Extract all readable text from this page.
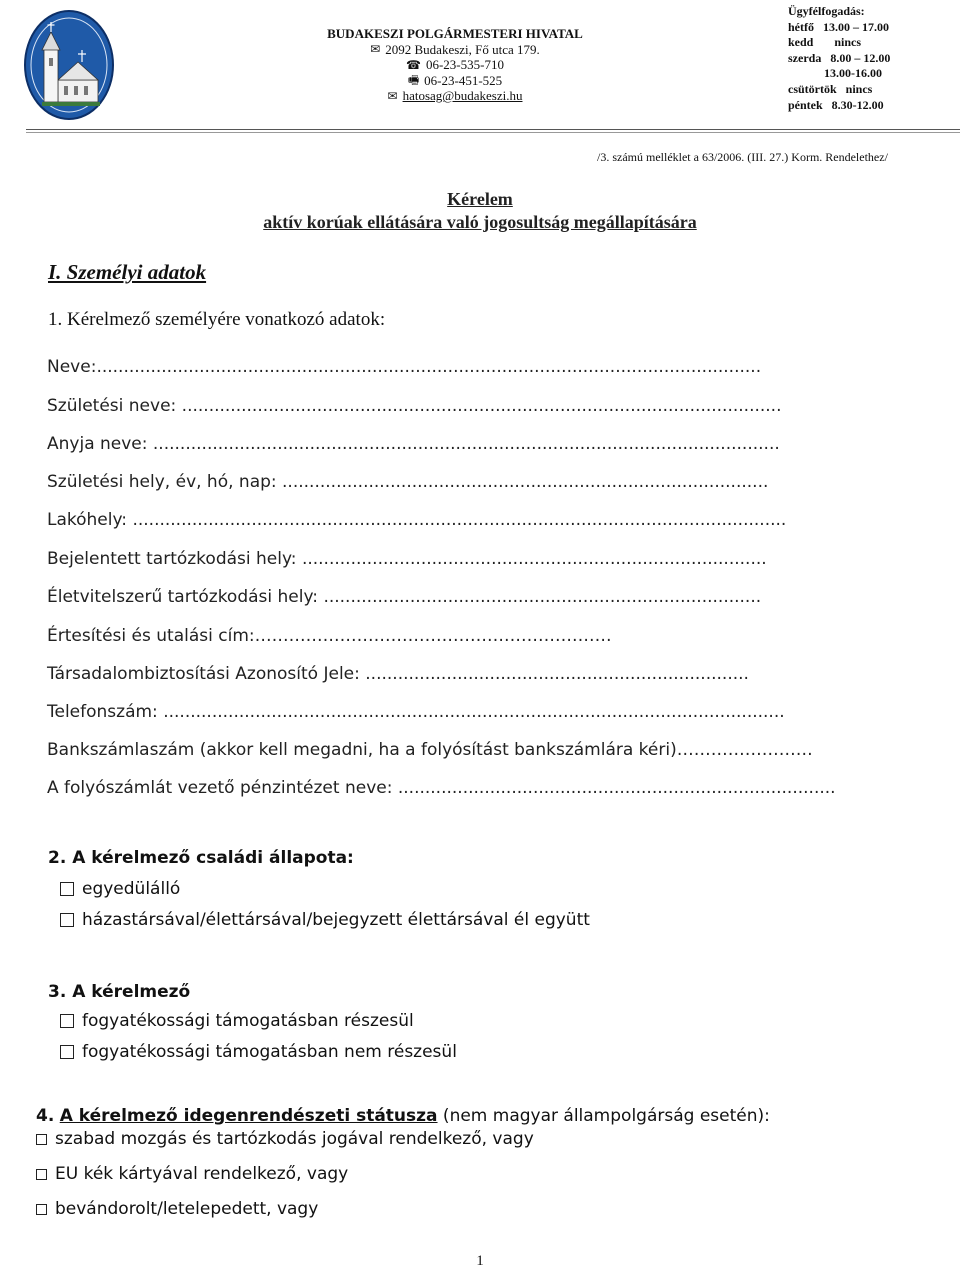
BUDAKESZI POLGÁRMESTERI HIVATAL
✉ 2092 Budakeszi, Fő utca 179.
☎ 06-23-535-710
🖷 06-23-451-525
✉ hatosag@budakeszi.hu
Ügyfélfogadás:
hétfő   13.00 – 17.00
kedd       nincs
szerda   8.00 – 12.00
13.00-16.00
csütörtök   nincs
péntek   8.30-12.00
/3. számú melléklet a 63/2006. (III. 27.) Korm. Rendelethez/
Kérelem
aktív korúak ellátására való jogosultság megállapítására
I. Személyi adatok
1. Kérelmező személyére vonatkozó adatok:
Neve:...........................................................................................................................
Születési neve: ...............................................................................................................
Anyja neve: ....................................................................................................................
Születési hely, év, hó, nap: ..........................................................................................
Lakóhely: .........................................................................................................................
Bejelentett tartózkodási hely: ......................................................................................
Életvitelszerű tartózkodási hely: .................................................................................
Értesítési és utalási cím:………………………………………………………
Társadalombiztosítási Azonosító Jele: .......................................................................
Telefonszám: ...................................................................................................................
Bankszámlaszám (akkor kell megadni, ha a folyósítást bankszámlára kéri)……………………
A folyószámlát vezető pénzintézet neve: .................................................................................
2. A kérelmező családi állapota:
egyedülálló
házastársával/élettársával/bejegyzett élettársával él együtt
3. A kérelmező
fogyatékossági támogatásban részesül
fogyatékossági támogatásban nem részesül
4. A kérelmező idegenrendészeti státusza (nem magyar állampolgárság esetén):
szabad mozgás és tartózkodás jogával rendelkező, vagy
EU kék kártyával rendelkező, vagy
bevándorolt/letelepedett, vagy
1
